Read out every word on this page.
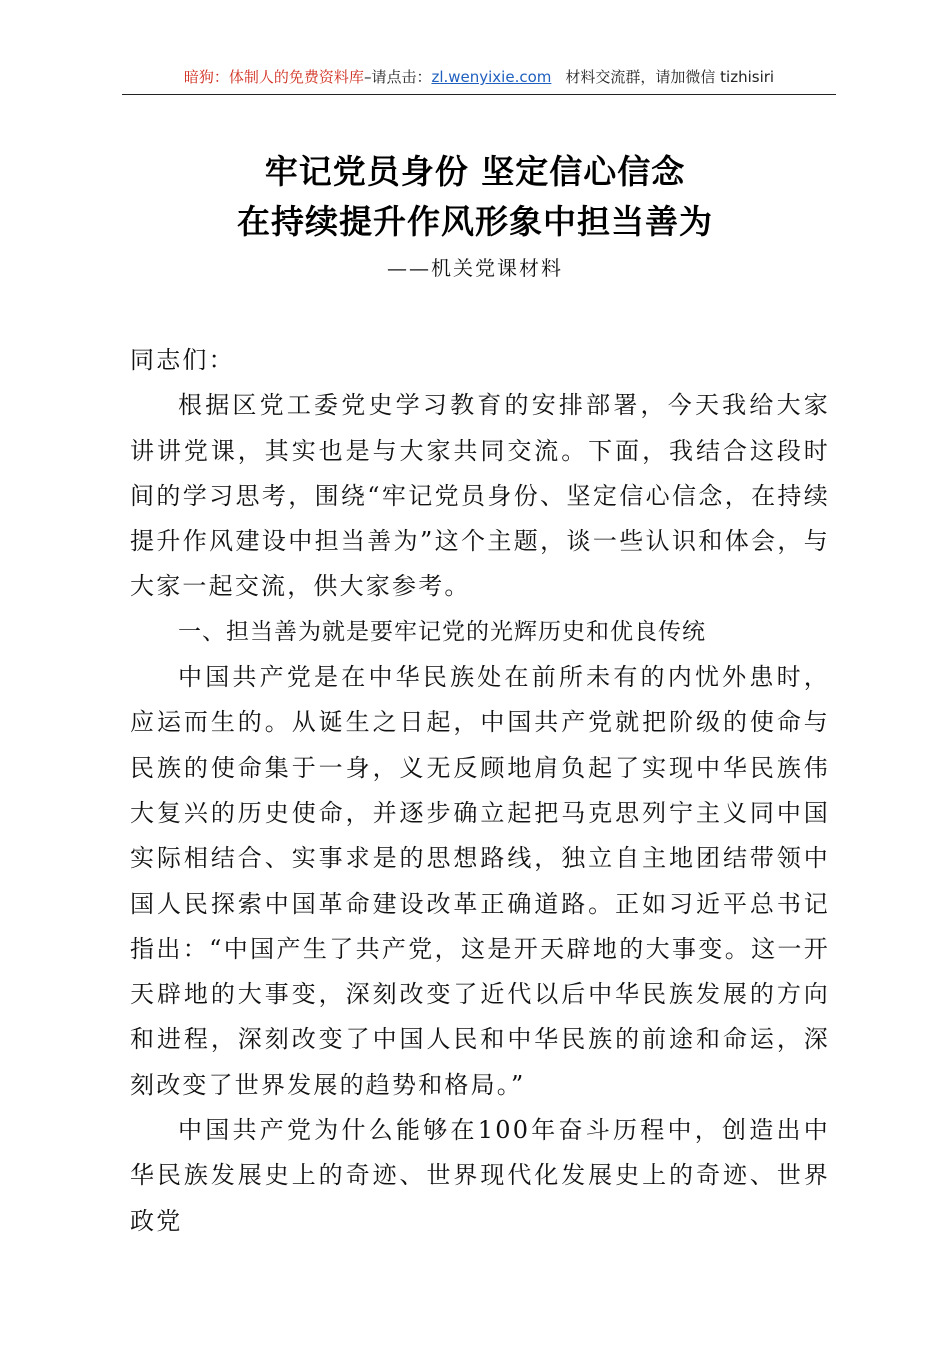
暗狗：体制人的免费资料库–请点击：zl.wenyixie.com 材料交流群，请加微信 tizhisiri
牢记党员身份 坚定信心信念
在持续提升作风形象中担当善为
——机关党课材料

同志们：

根据区党工委党史学习教育的安排部署，今天我给大家讲讲党课，其实也是与大家共同交流。下面，我结合这段时间的学习思考，围绕“牢记党员身份、坚定信心信念，在持续提升作风建设中担当善为”这个主题，谈一些认识和体会，与大家一起交流，供大家参考。

一、担当善为就是要牢记党的光辉历史和优良传统

中国共产党是在中华民族处在前所未有的内忧外患时，应运而生的。从诞生之日起，中国共产党就把阶级的使命与民族的使命集于一身，义无反顾地肩负起了实现中华民族伟大复兴的历史使命，并逐步确立起把马克思列宁主义同中国实际相结合、实事求是的思想路线，独立自主地团结带领中国人民探索中国革命建设改革正确道路。正如习近平总书记指出：“中国产生了共产党，这是开天辟地的大事变。这一开天辟地的大事变，深刻改变了近代以后中华民族发展的方向和进程，深刻改变了中国人民和中华民族的前途和命运，深刻改变了世界发展的趋势和格局。”

中国共产党为什么能够在100年奋斗历程中，创造出中华民族发展史上的奇迹、世界现代化发展史上的奇迹、世界政党
